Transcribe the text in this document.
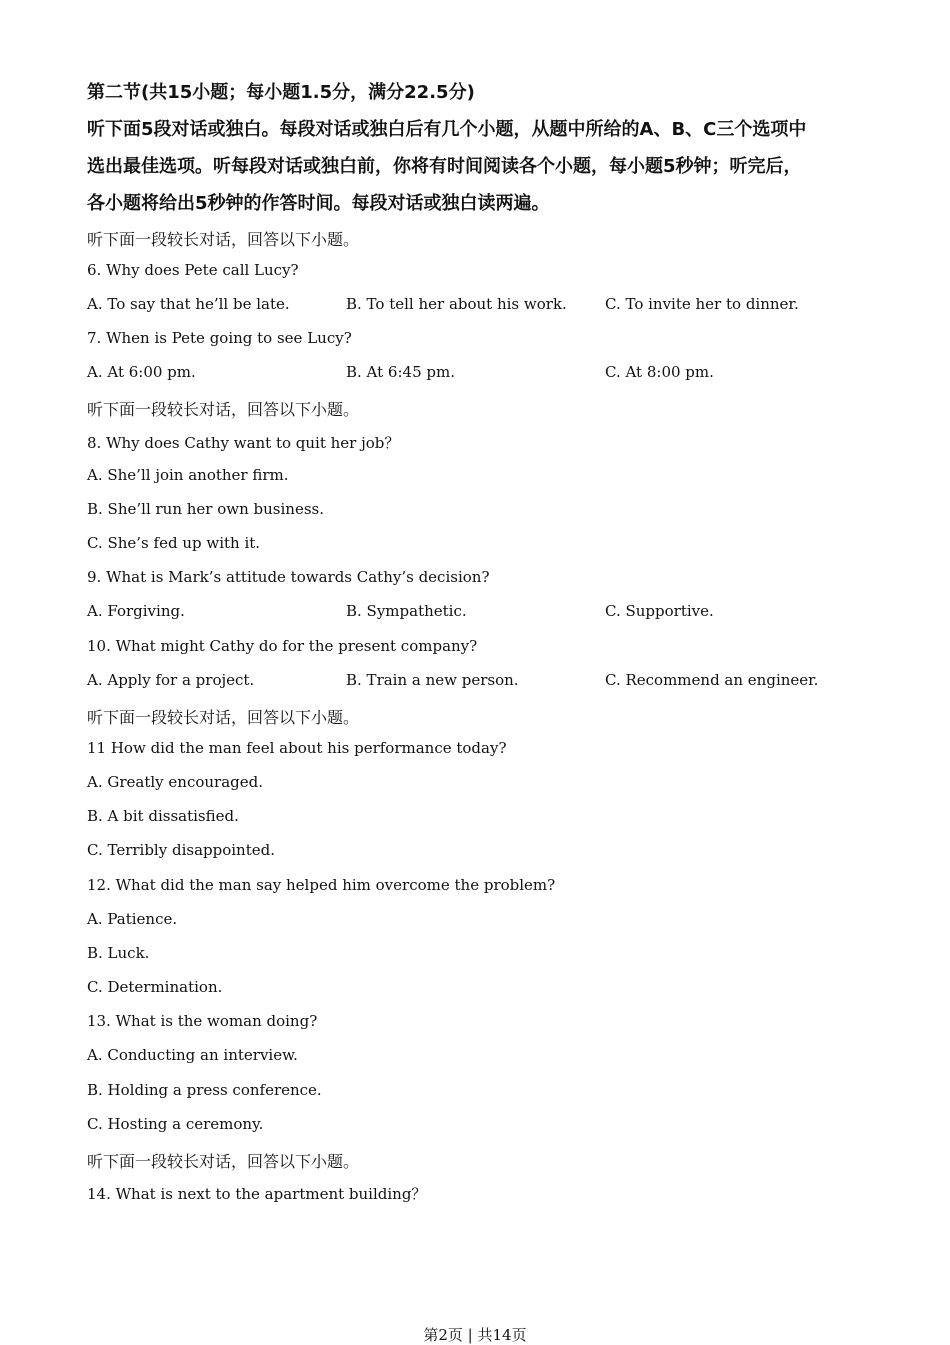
第二节(共15小题；每小题1.5分，满分22.5分)
听下面5段对话或独白。每段对话或独白后有几个小题，从题中所给的A、B、C三个选项中
选出最佳选项。听每段对话或独白前，你将有时间阅读各个小题，每小题5秒钟；听完后，
各小题将给出5秒钟的作答时间。每段对话或独白读两遍。
听下面一段较长对话，回答以下小题。
6. Why does Pete call Lucy?
A. To say that he’ll be late.	B. To tell her about his work.	C. To invite her to dinner.
7. When is Pete going to see Lucy?
A. At 6:00 pm.	B. At 6:45 pm.	C. At 8:00 pm.
听下面一段较长对话，回答以下小题。
8. Why does Cathy want to quit her job？
A. She’ll join another firm.
B. She’ll run her own business.
C. She’s fed up with it.
9. What is Mark’s attitude towards Cathy’s decision?
A. Forgiving.	B. Sympathetic.	C. Supportive.
10. What might Cathy do for the present company?
A. Apply for a project.	B. Train a new person.	C. Recommend an engineer.
听下面一段较长对话，回答以下小题。
11 How did the man feel about his performance today?
A. Greatly encouraged.
B. A bit dissatisfied.
C. Terribly disappointed.
12. What did the man say helped him overcome the problem?
A. Patience.
B. Luck.
C. Determination.
13. What is the woman doing?
A. Conducting an interview.
B. Holding a press conference.
C. Hosting a ceremony.
听下面一段较长对话，回答以下小题。
14. What is next to the apartment building？
第2页 | 共14页
